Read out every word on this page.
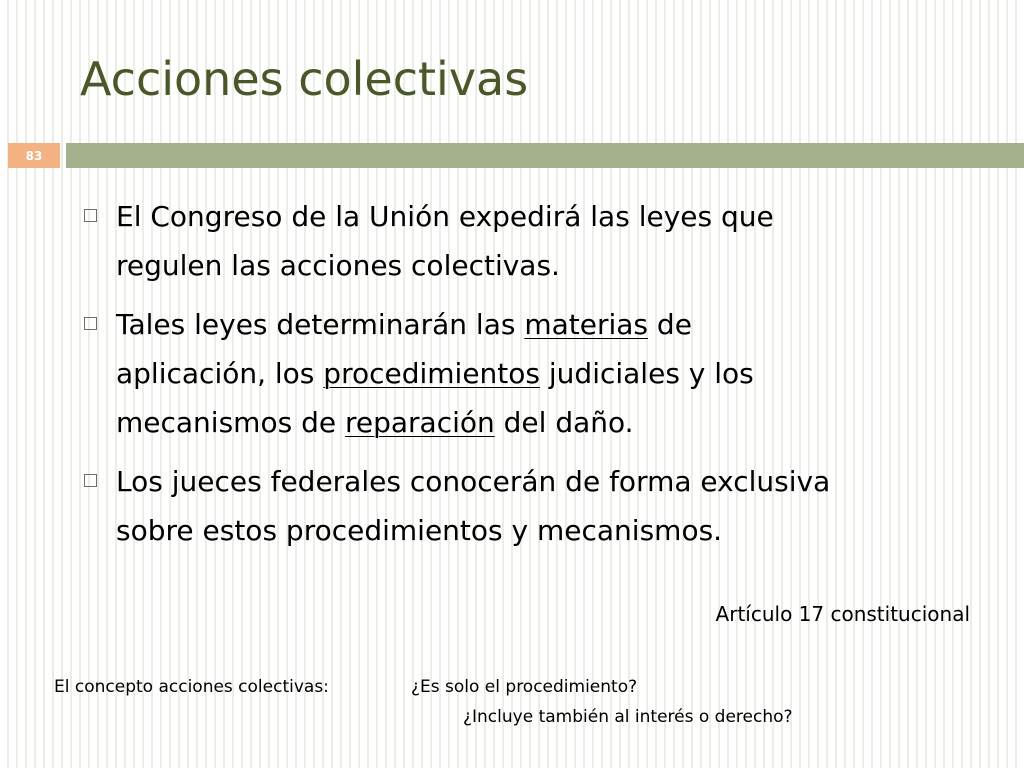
Acciones colectivas
83
El Congreso de la Unión expedirá las leyes que
regulen las acciones colectivas.
Tales leyes determinarán las materias de
aplicación, los procedimientos judiciales y los
mecanismos de reparación del daño.
Los jueces federales conocerán de forma exclusiva
sobre estos procedimientos y mecanismos.
Artículo 17 constitucional
El concepto acciones colectivas:	¿Es solo el procedimiento?
¿Incluye también al interés o derecho?
